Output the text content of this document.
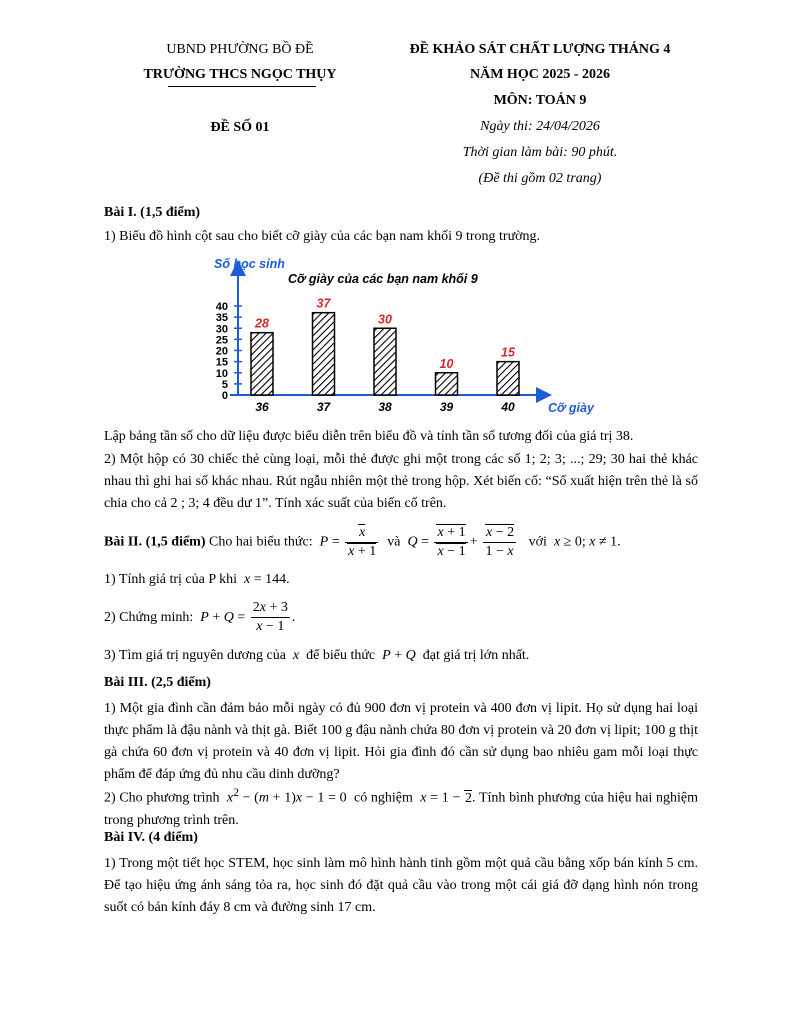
UBND PHƯỜNG BỒ ĐỀ
TRƯỜNG THCS NGỌC THỤY
ĐỀ SỐ 01
ĐỀ KHẢO SÁT CHẤT LƯỢNG THÁNG 4
NĂM HỌC 2025 - 2026
MÔN: TOÁN 9
Ngày thi: 24/04/2026
Thời gian làm bài: 90 phút.
(Đề thi gồm 02 trang)
Bài I. (1,5 điểm)
1) Biểu đồ hình cột sau cho biết cỡ giày của các bạn nam khối 9 trong trường.
0
5
10
15
20
25
30
35
40
Số học sinh
Cỡ giày của các bạn nam khối 9
Cỡ giày
28
36
37
37
30
38
10
39
15
40
Lập bảng tần số cho dữ liệu được biểu diễn trên biểu đồ và tính tần số tương đối của giá trị 38.
2) Một hộp có 30 chiếc thẻ cùng loại, mỗi thẻ được ghi một trong các số 1; 2; 3; ...; 29; 30 hai thẻ khác nhau thì ghi hai số khác nhau. Rút ngẫu nhiên một thẻ trong hộp. Xét biến cố: “Số xuất hiện trên thẻ là số chia cho cả 2 ; 3; 4 đều dư 1”. Tính xác suất của biến cố trên.
Bài II. (1,5 điểm) Cho hai biểu thức: $P = \frac{x}{x + 1}$ và $Q = \frac{x + 1}{x - 1} + \frac{x - 2}{1 - x}$ với x ≥ 0; x ≠ 1.
1) Tính giá trị của P khi x = 144.
2) Chứng minh: $P + Q = \frac{2x + 3}{x - 1}$ .
3) Tìm giá trị nguyên dương của  x  để biểu thức P + Q đạt giá trị lớn nhất.
Bài III. (2,5 điểm)
1) Một gia đình cần đảm bảo mỗi ngày có đủ 900 đơn vị protein và 400 đơn vị lipit. Họ sử dụng hai loại thực phẩm là đậu nành và thịt gà. Biết 100 g đậu nành chứa 80 đơn vị protein và 20 đơn vị lipit; 100 g thịt gà chứa 60 đơn vị protein và 40 đơn vị lipit. Hỏi gia đình đó cần sử dụng bao nhiêu gam mỗi loại thực phẩm để đáp ứng đủ nhu cầu dinh dưỡng?
2) Cho phương trình $x^2 - (m + 1)x - 1 = 0$  có nghiệm x = 1 − 2. Tính bình phương của hiệu hai nghiệm trong phương trình trên.
Bài IV. (4 điểm)
1) Trong một tiết học STEM, học sinh làm mô hình hành tinh gồm một quả cầu bằng xốp bán kính 5 cm. Để tạo hiệu ứng ánh sáng tỏa ra, học sinh đó đặt quả cầu vào trong một cái giá đỡ dạng hình nón trong suốt có bán kính đáy 8 cm và đường sinh 17 cm.
